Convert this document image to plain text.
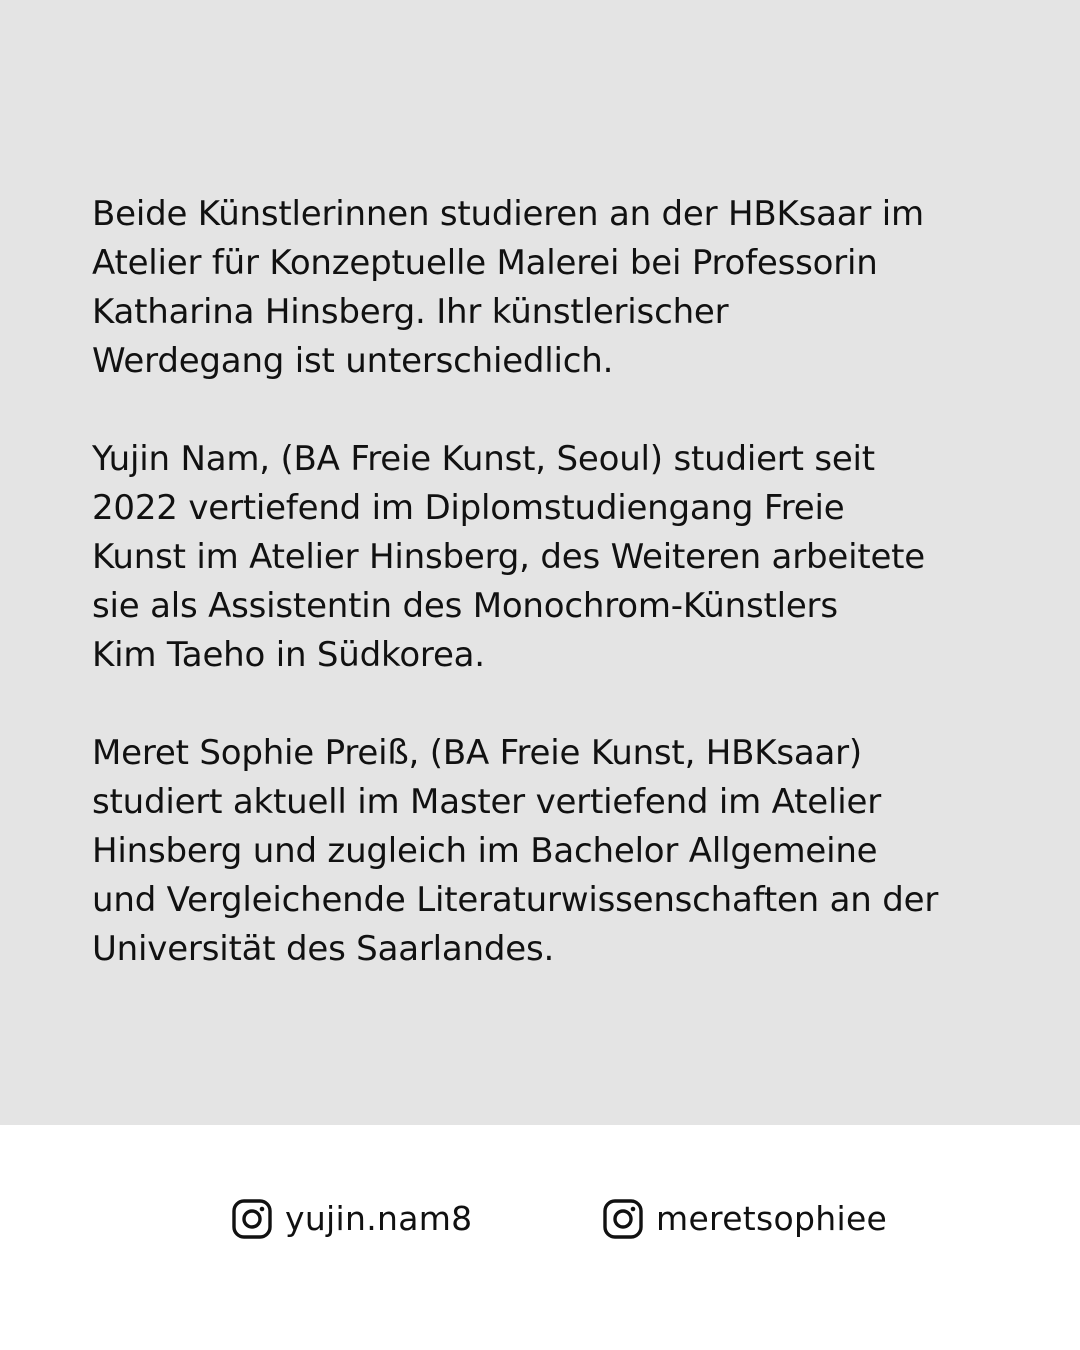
Beide Künstlerinnen studieren an der HBKsaar im
Atelier für Konzeptuelle Malerei bei Professorin
Katharina Hinsberg. Ihr künstlerischer
Werdegang ist unterschiedlich.

Yujin Nam, (BA Freie Kunst, Seoul) studiert seit
2022 vertiefend im Diplomstudiengang Freie
Kunst im Atelier Hinsberg, des Weiteren arbeitete
sie als Assistentin des Monochrom-Künstlers
Kim Taeho in Südkorea.

Meret Sophie Preiß, (BA Freie Kunst, HBKsaar)
studiert aktuell im Master vertiefend im Atelier
Hinsberg und zugleich im Bachelor Allgemeine
und Vergleichende Literaturwissenschaften an der
Universität des Saarlandes.

yujin.nam8	meretsophiee
